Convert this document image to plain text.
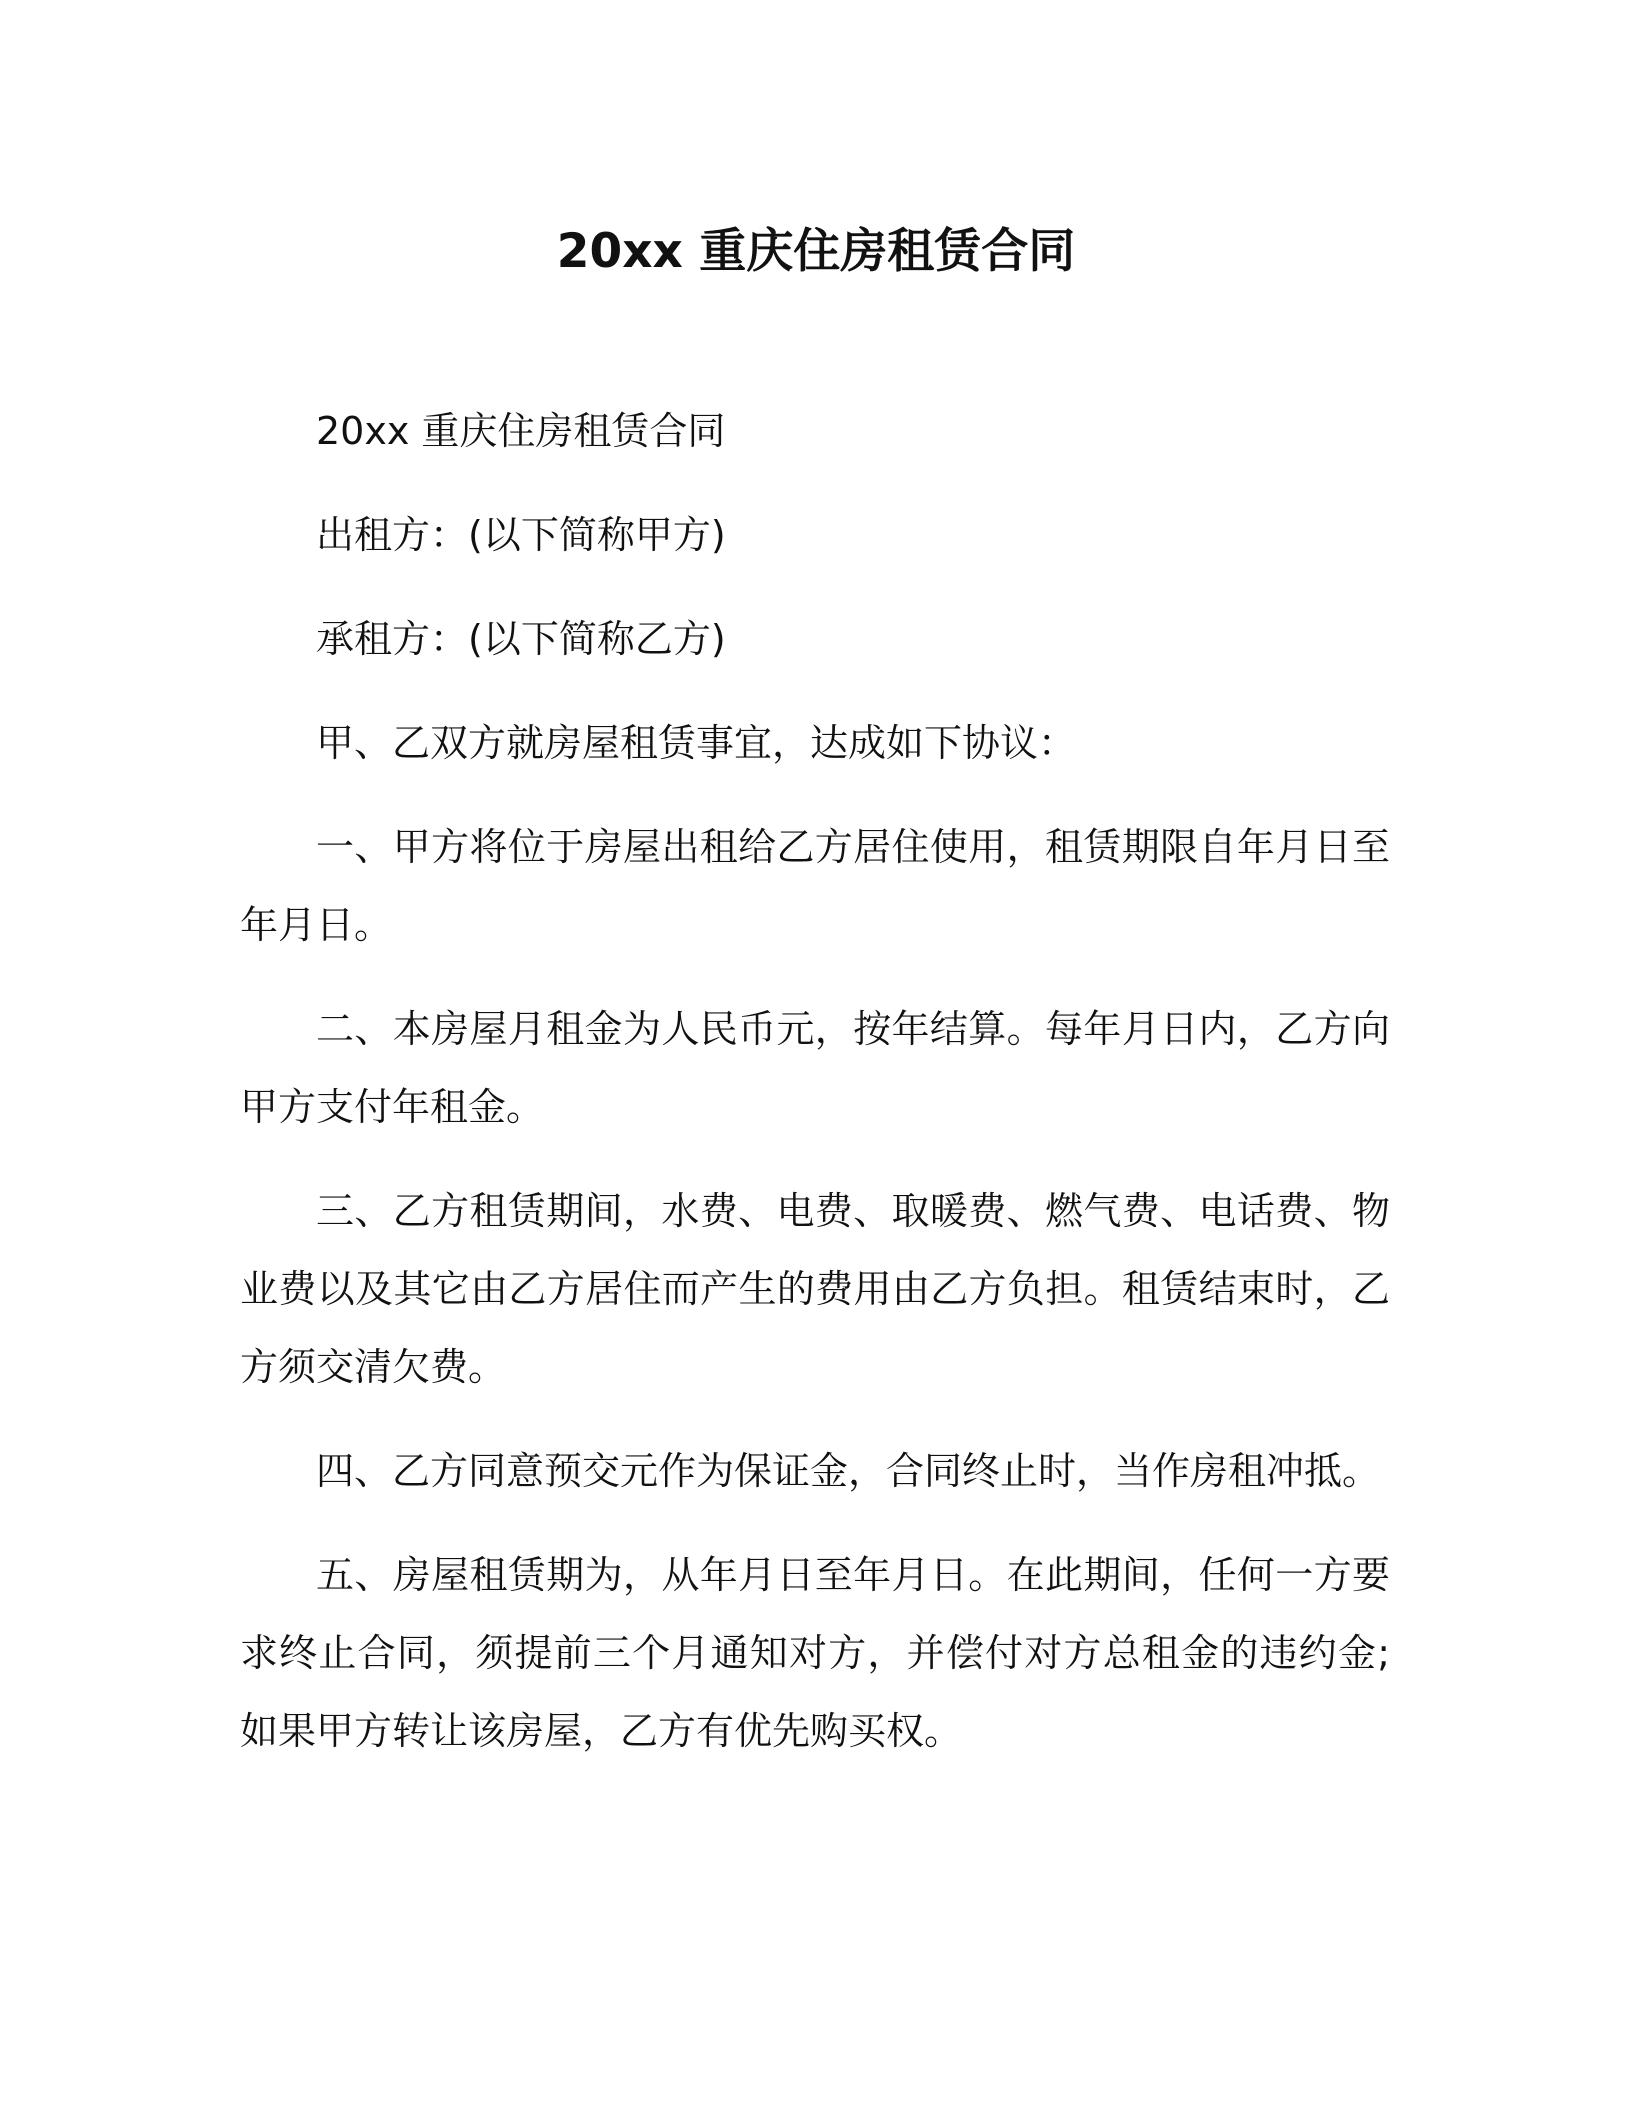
20xx 重庆住房租赁合同

20xx 重庆住房租赁合同

出租方：(以下简称甲方)

承租方：(以下简称乙方)

甲、乙双方就房屋租赁事宜，达成如下协议：

一、甲方将位于房屋出租给乙方居住使用，租赁期限自年月日至年月日。

二、本房屋月租金为人民币元，按年结算。每年月日内，乙方向甲方支付年租金。

三、乙方租赁期间，水费、电费、取暖费、燃气费、电话费、物业费以及其它由乙方居住而产生的费用由乙方负担。租赁结束时，乙方须交清欠费。

四、乙方同意预交元作为保证金，合同终止时，当作房租冲抵。

五、房屋租赁期为，从年月日至年月日。在此期间，任何一方要求终止合同，须提前三个月通知对方，并偿付对方总租金的违约金;如果甲方转让该房屋，乙方有优先购买权。
